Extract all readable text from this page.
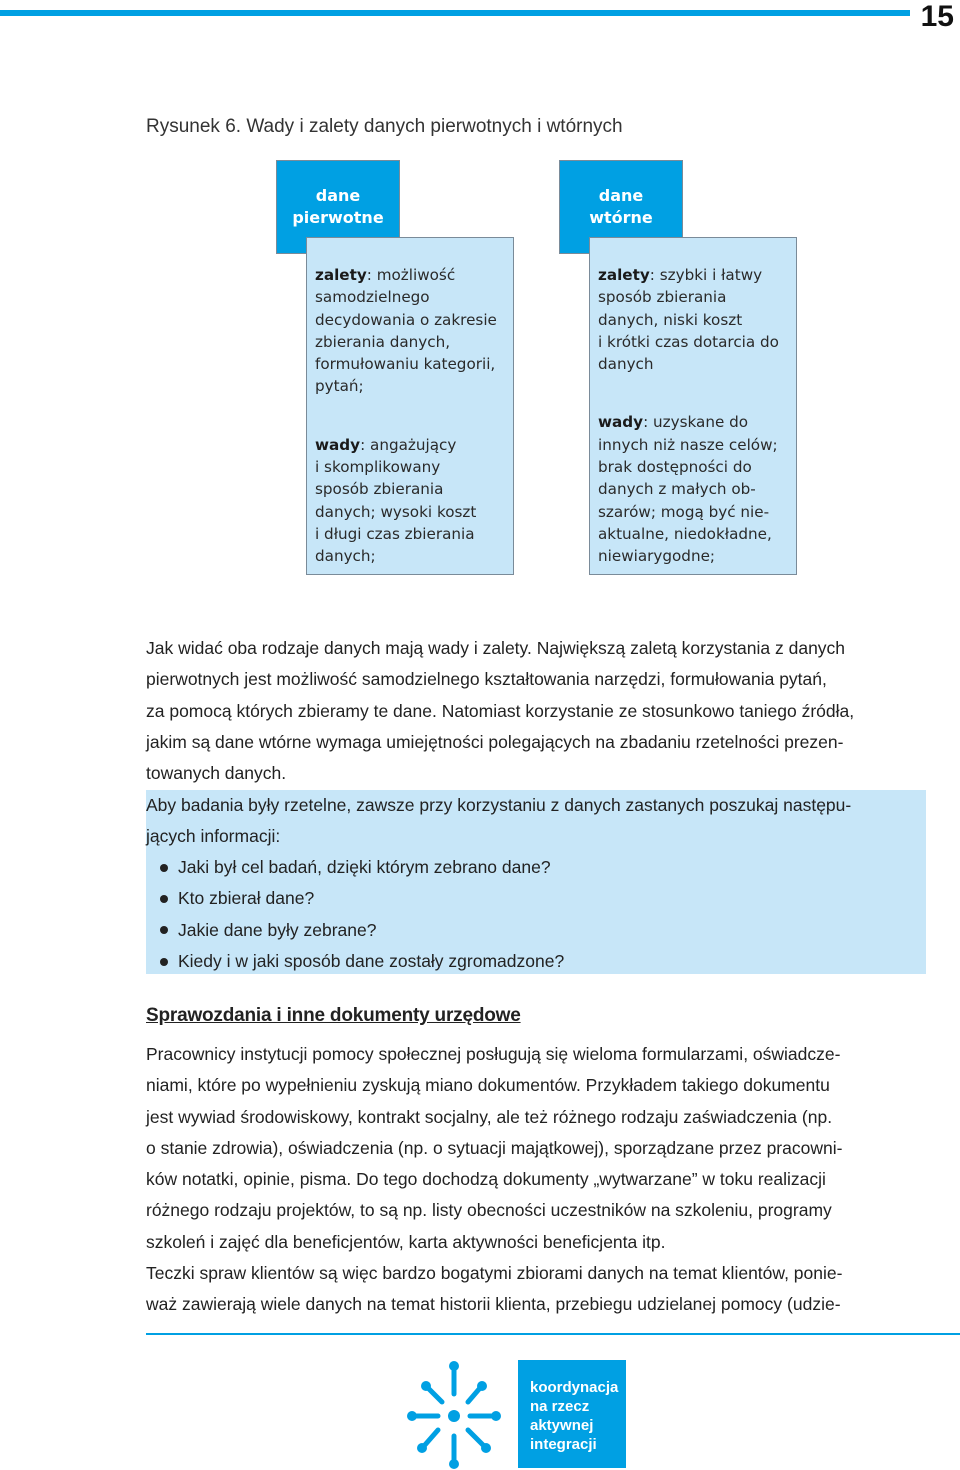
15
Rysunek 6. Wady i zalety danych pierwotnych i wtórnych
dane
pierwotne

zalety: możliwość
samodzielnego
decydowania o zakresie
zbierania danych,
formułowaniu kategorii,
pytań;

wady: angażujący
i skomplikowany
sposób zbierania
danych; wysoki koszt
i długi czas zbierania
danych;

dane
wtórne

zalety: szybki i łatwy
sposób zbierania
danych, niski koszt
i krótki czas dotarcia do
danych

wady: uzyskane do
innych niż nasze celów;
brak dostępności do
danych z małych ob-
szarów; mogą być nie-
aktualne, niedokładne,
niewiarygodne;

Jak widać oba rodzaje danych mają wady i zalety. Największą zaletą korzystania z danych

pierwotnych jest możliwość samodzielnego kształtowania narzędzi, formułowania pytań,

za pomocą których zbieramy te dane. Natomiast korzystanie ze stosunkowo taniego źródła,

jakim są dane wtórne wymaga umiejętności polegających na zbadaniu rzetelności prezen-

towanych danych.

Aby badania były rzetelne, zawsze przy korzystaniu z danych zastanych poszukaj następu-

jących informacji:

Jaki był cel badań, dzięki którym zebrano dane?
Kto zbierał dane?
Jakie dane były zebrane?
Kiedy i w jaki sposób dane zostały zgromadzone?
Sprawozdania i inne dokumenty urzędowe

Pracownicy instytucji pomocy społecznej posługują się wieloma formularzami, oświadcze-

niami, które po wypełnieniu zyskują miano dokumentów. Przykładem takiego dokumentu

jest wywiad środowiskowy, kontrakt socjalny, ale też różnego rodzaju zaświadczenia (np.

o stanie zdrowia), oświadczenia (np. o sytuacji majątkowej), sporządzane przez pracowni-

ków notatki, opinie, pisma. Do tego dochodzą dokumenty „wytwarzane” w toku realizacji

różnego rodzaju projektów, to są np. listy obecności uczestników na szkoleniu, programy

szkoleń i zajęć dla beneficjentów, karta aktywności beneficjenta itp.

Teczki spraw klientów są więc bardzo bogatymi zbiorami danych na temat klientów, ponie-

waż zawierają wiele danych na temat historii klienta, przebiegu udzielanej pomocy (udzie-

koordynacja
na rzecz
aktywnej
integracji
